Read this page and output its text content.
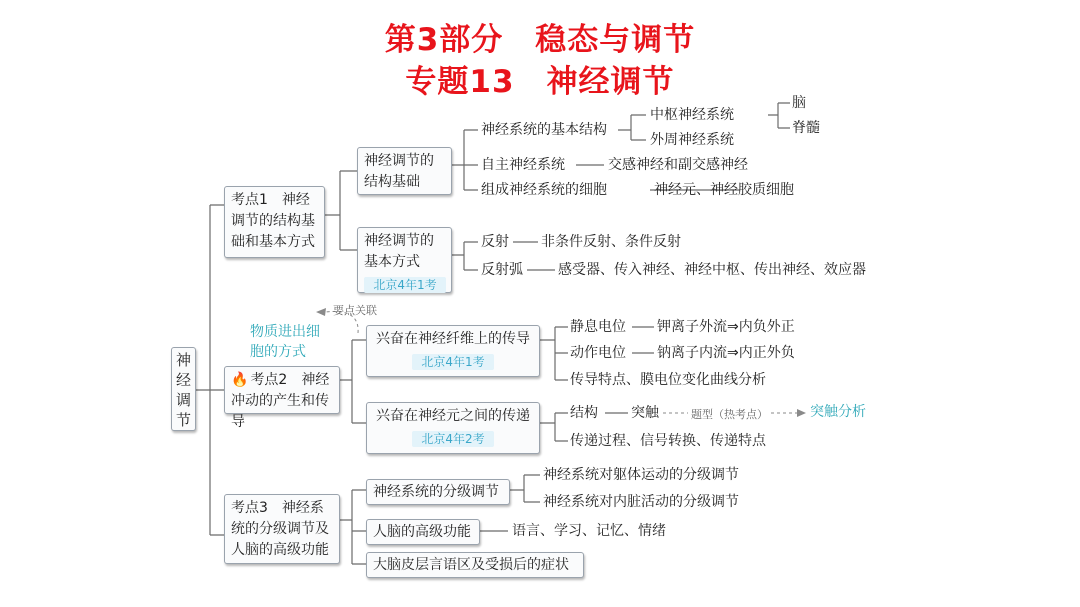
第3部分　稳态与调节
专题13　神经调节
神经调节
考点1　神经调节的结构基础和基本方式
神经调节的结构基础
神经调节的基本方式
北京4年1考
神经系统的基本结构
中枢神经系统
脑
脊髓
外周神经系统
自主神经系统	交感神经和副交感神经
组成神经系统的细胞	神经元、神经胶质细胞
反射 非条件反射、条件反射
反射弧	感受器、传入神经、神经中枢、传出神经、效应器
要点关联
物质进出细胞的方式
🔥 考点2　神经冲动的产生和传导
兴奋在神经纤维上的传导
北京4年1考
兴奋在神经元之间的传递
北京4年2考
静息电位 钾离子外流⇒内负外正
动作电位 钠离子内流⇒内正外负
传导特点、膜电位变化曲线分析
结构 突触	题型（热考点）	突触分析
传递过程、信号转换、传递特点
考点3　神经系统的分级调节及人脑的高级功能
神经系统的分级调节
人脑的高级功能
大脑皮层言语区及受损后的症状
神经系统对躯体运动的分级调节
神经系统对内脏活动的分级调节
语言、学习、记忆、情绪
